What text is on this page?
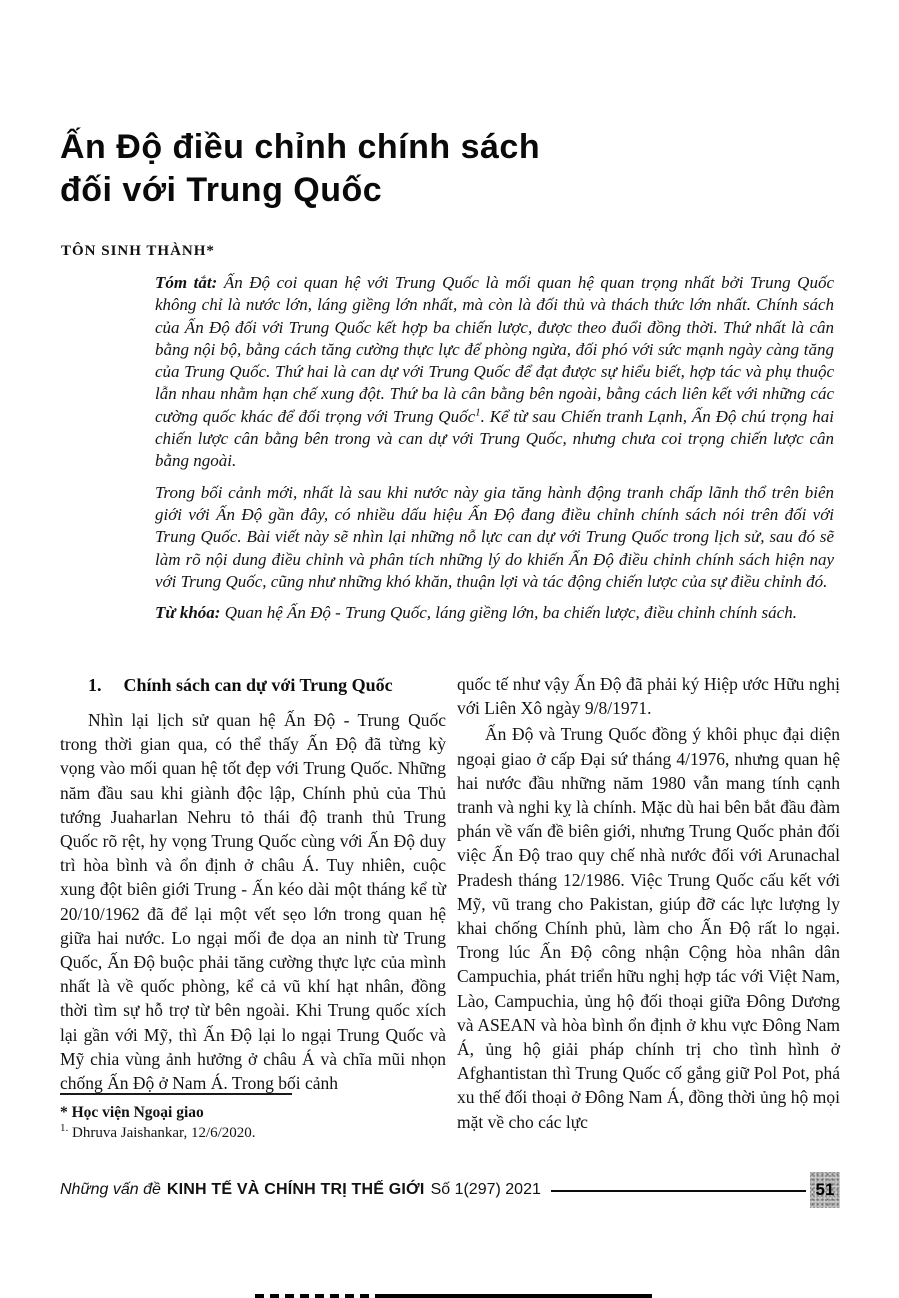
Ấn Độ điều chỉnh chính sách
đối với Trung Quốc
TÔN SINH THÀNH*

Tóm tắt: Ấn Độ coi quan hệ với Trung Quốc là mối quan hệ quan trọng nhất bởi Trung Quốc không chỉ là nước lớn, láng giềng lớn nhất, mà còn là đối thủ và thách thức lớn nhất. Chính sách của Ấn Độ đối với Trung Quốc kết hợp ba chiến lược, được theo đuổi đồng thời. Thứ nhất là cân bằng nội bộ, bằng cách tăng cường thực lực để phòng ngừa, đối phó với sức mạnh ngày càng tăng của Trung Quốc. Thứ hai là can dự với Trung Quốc để đạt được sự hiểu biết, hợp tác và phụ thuộc lẫn nhau nhằm hạn chế xung đột. Thứ ba là cân bằng bên ngoài, bằng cách liên kết với những các cường quốc khác để đối trọng với Trung Quốc$^1$. Kể từ sau Chiến tranh Lạnh, Ấn Độ chú trọng hai chiến lược cân bằng bên trong và can dự với Trung Quốc, nhưng chưa coi trọng chiến lược cân bằng ngoài.

Trong bối cảnh mới, nhất là sau khi nước này gia tăng hành động tranh chấp lãnh thổ trên biên giới với Ấn Độ gần đây, có nhiều dấu hiệu Ấn Độ đang điều chỉnh chính sách nói trên đối với Trung Quốc. Bài viết này sẽ nhìn lại những nỗ lực can dự với Trung Quốc trong lịch sử, sau đó sẽ làm rõ nội dung điều chỉnh và phân tích những lý do khiến Ấn Độ điều chỉnh chính sách hiện nay với Trung Quốc, cũng như những khó khăn, thuận lợi và tác động chiến lược của sự điều chỉnh đó.

Từ khóa: Quan hệ Ấn Độ - Trung Quốc, láng giềng lớn, ba chiến lược, điều chỉnh chính sách.

1. Chính sách can dự với Trung Quốc

Nhìn lại lịch sử quan hệ Ấn Độ - Trung Quốc trong thời gian qua, có thể thấy Ấn Độ đã từng kỳ vọng vào mối quan hệ tốt đẹp với Trung Quốc. Những năm đầu sau khi giành độc lập, Chính phủ của Thủ tướng Juaharlan Nehru tỏ thái độ tranh thủ Trung Quốc rõ rệt, hy vọng Trung Quốc cùng với Ấn Độ duy trì hòa bình và ổn định ở châu Á. Tuy nhiên, cuộc xung đột biên giới Trung - Ấn kéo dài một tháng kể từ 20/10/1962 đã để lại một vết sẹo lớn trong quan hệ giữa hai nước. Lo ngại mối đe dọa an ninh từ Trung Quốc, Ấn Độ buộc phải tăng cường thực lực của mình nhất là về quốc phòng, kể cả vũ khí hạt nhân, đồng thời tìm sự hỗ trợ từ bên ngoài. Khi Trung quốc xích lại gần với Mỹ, thì Ấn Độ lại lo ngại Trung Quốc và Mỹ chia vùng ảnh hưởng ở châu Á và chĩa mũi nhọn chống Ấn Độ ở Nam Á. Trong bối cảnh

quốc tế như vậy Ấn Độ đã phải ký Hiệp ước Hữu nghị với Liên Xô ngày 9/8/1971.

Ấn Độ và Trung Quốc đồng ý khôi phục đại diện ngoại giao ở cấp Đại sứ tháng 4/1976, nhưng quan hệ hai nước đầu những năm 1980 vẫn mang tính cạnh tranh và nghi kỵ là chính. Mặc dù hai bên bắt đầu đàm phán về vấn đề biên giới, nhưng Trung Quốc phản đối việc Ấn Độ trao quy chế nhà nước đối với Arunachal Pradesh tháng 12/1986. Việc Trung Quốc cấu kết với Mỹ, vũ trang cho Pakistan, giúp đỡ các lực lượng ly khai chống Chính phủ, làm cho Ấn Độ rất lo ngại. Trong lúc Ấn Độ công nhận Cộng hòa nhân dân Campuchia, phát triển hữu nghị hợp tác với Việt Nam, Lào, Campuchia, ủng hộ đối thoại giữa Đông Dương và ASEAN và hòa bình ổn định ở khu vực Đông Nam Á, ủng hộ giải pháp chính trị cho tình hình ở Afghantistan thì Trung Quốc cố gắng giữ Pol Pot, phá xu thế đối thoại ở Đông Nam Á, đồng thời ủng hộ mọi mặt về cho các lực

* Học viện Ngoại giao

$^{1.}$ Dhruva Jaishankar, 12/6/2020.

Những vấn đề KINH TẾ VÀ CHÍNH TRỊ THẾ GIỚI Số 1(297) 2021	51
